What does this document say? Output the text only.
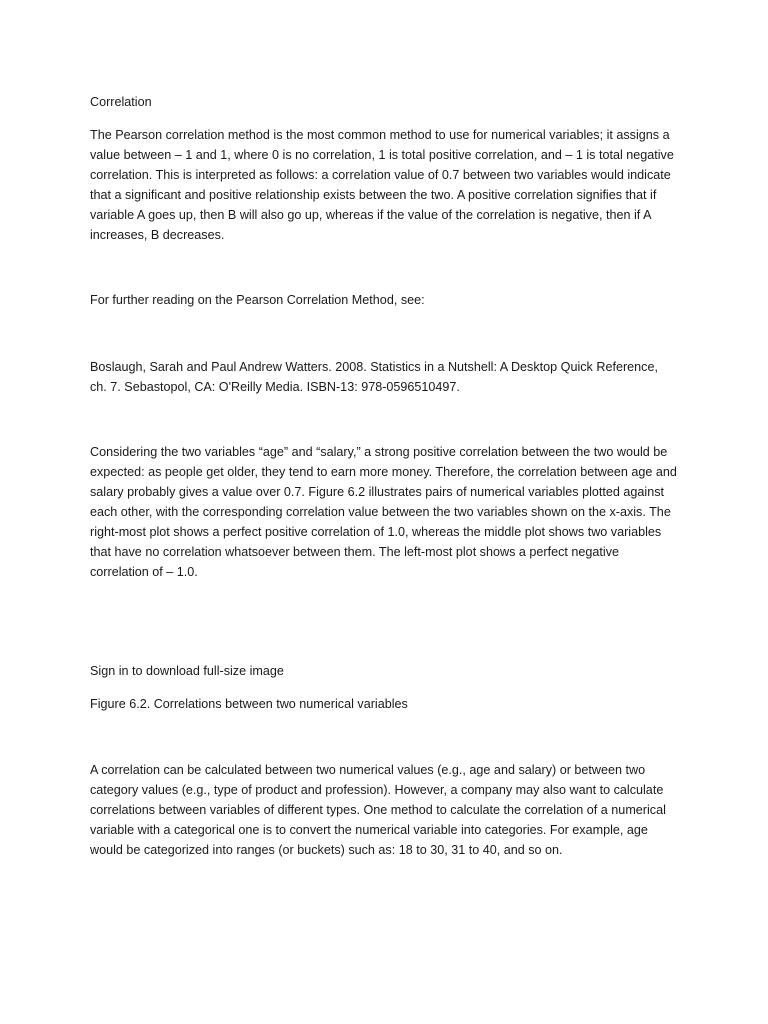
Correlation

The Pearson correlation method is the most common method to use for numerical variables; it assigns a value between – 1 and 1, where 0 is no correlation, 1 is total positive correlation, and – 1 is total negative correlation. This is interpreted as follows: a correlation value of 0.7 between two variables would indicate that a significant and positive relationship exists between the two. A positive correlation signifies that if variable A goes up, then B will also go up, whereas if the value of the correlation is negative, then if A increases, B decreases.

For further reading on the Pearson Correlation Method, see:

Boslaugh, Sarah and Paul Andrew Watters. 2008. Statistics in a Nutshell: A Desktop Quick Reference, ch. 7. Sebastopol, CA: O'Reilly Media. ISBN-13: 978-0596510497.

Considering the two variables “age” and “salary,” a strong positive correlation between the two would be expected: as people get older, they tend to earn more money. Therefore, the correlation between age and salary probably gives a value over 0.7. Figure 6.2 illustrates pairs of numerical variables plotted against each other, with the corresponding correlation value between the two variables shown on the x-axis. The right-most plot shows a perfect positive correlation of 1.0, whereas the middle plot shows two variables that have no correlation whatsoever between them. The left-most plot shows a perfect negative correlation of – 1.0.

Sign in to download full-size image

Figure 6.2. Correlations between two numerical variables

A correlation can be calculated between two numerical values (e.g., age and salary) or between two category values (e.g., type of product and profession). However, a company may also want to calculate correlations between variables of different types. One method to calculate the correlation of a numerical variable with a categorical one is to convert the numerical variable into categories. For example, age would be categorized into ranges (or buckets) such as: 18 to 30, 31 to 40, and so on.
